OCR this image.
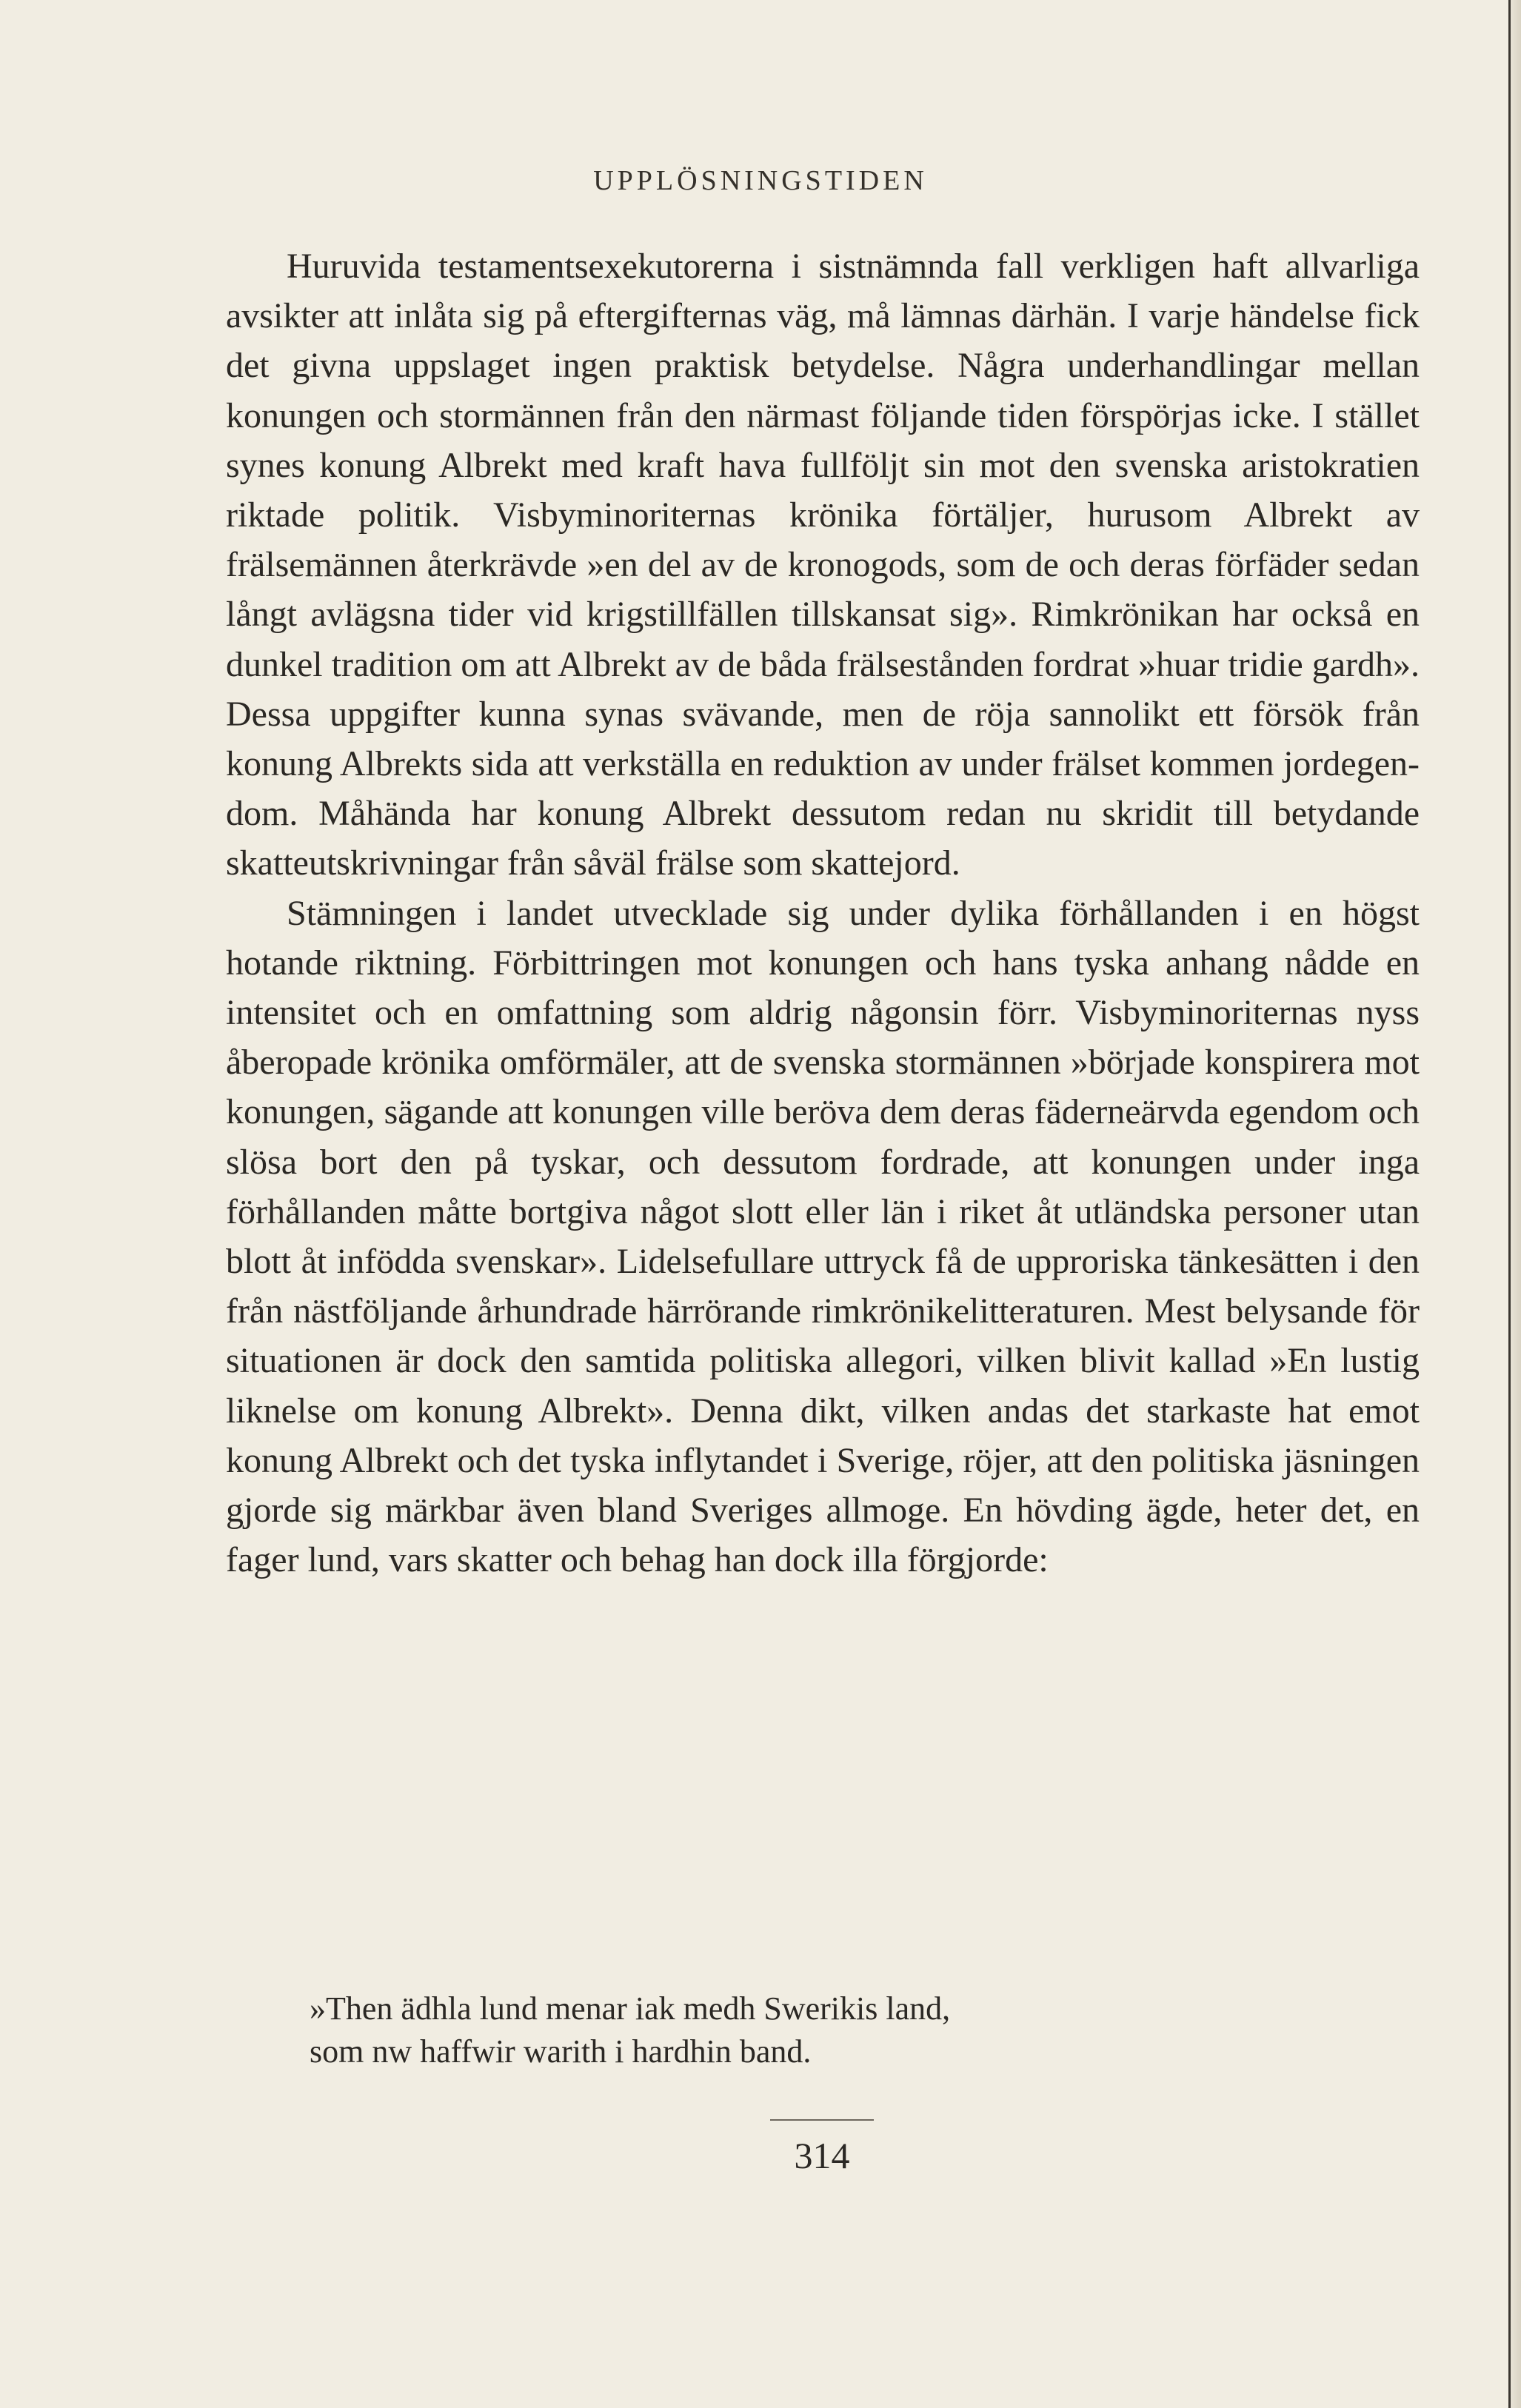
UPPLÖSNINGSTIDEN

Huruvida testamentsexekutorerna i sistnämnda fall verkligen haft allvarliga avsikter att inlåta sig på eftergifternas väg, må lämnas därhän. I varje händelse fick det givna uppslaget ingen praktisk betydelse. Några underhandlingar mellan konungen och stormännen från den närmast följande tiden förspörjas icke. I stället synes konung Albrekt med kraft hava fullföljt sin mot den svenska aristokratien riktade politik. Visbyminoriternas krönika förtäljer, hurusom Albrekt av frälsemännen återkrävde »en del av de kronogods, som de och deras förfäder sedan långt avlägsna tider vid krigstillfällen tillskansat sig». Rimkrönikan har också en dunkel tradition om att Albrekt av de båda frälsestånden fordrat »huar tridie gardh». Dessa uppgifter kunna synas svävande, men de röja sannolikt ett försök från konung Albrekts sida att verkställa en reduktion av under frälset kommen jordegendom. Måhända har konung Albrekt dessutom redan nu skridit till betydande skatteutskrivningar från såväl frälse som skattejord.

Stämningen i landet utvecklade sig under dylika förhållanden i en högst hotande riktning. Förbittringen mot konungen och hans tyska anhang nådde en intensitet och en omfattning som aldrig någonsin förr. Visbyminoriternas nyss åberopade krönika omförmäler, att de svenska stormännen »började konspirera mot konungen, sägande att konungen ville beröva dem deras fäderneärvda egendom och slösa bort den på tyskar, och dessutom fordrade, att konungen under inga förhållanden måtte bortgiva något slott eller län i riket åt utländska personer utan blott åt infödda svenskar». Lidelsefullare uttryck få de upproriska tänkesätten i den från nästföljande århundrade härrörande rimkrönikelitteraturen. Mest belysande för situationen är dock den samtida politiska allegori, vilken blivit kallad »En lustig liknelse om konung Albrekt». Denna dikt, vilken andas det starkaste hat emot konung Albrekt och det tyska inflytandet i Sverige, röjer, att den politiska jäsningen gjorde sig märkbar även bland Sveriges allmoge. En hövding ägde, heter det, en fager lund, vars skatter och behag han dock illa förgjorde:

»Then ädhla lund menar iak medh Swerikis land,
som nw haffwir warith i hardhin band.
314
